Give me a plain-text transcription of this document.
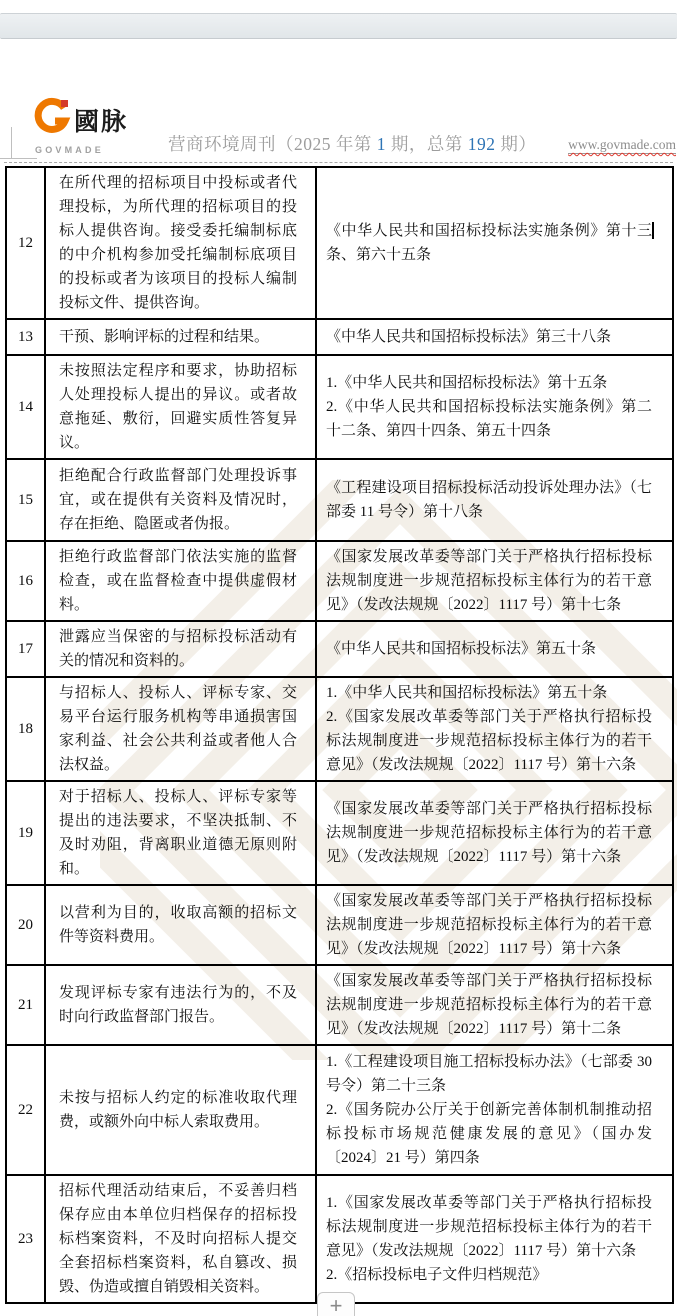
國脉
GOVMADE	营商环境周刊（2025 年第 1 期，总第 192 期） www.govmade.com
12	在所代理的招标项目中投标或者代理投标，为所代理的招标项目的投标人提供咨询。接受委托编制标底的中介机构参加受托编制标底项目的投标或者为该项目的投标人编制投标文件、提供咨询。	《中华人民共和国招标投标法实施条例》第十三条、第六十五条

13	干预、影响评标的过程和结果。	《中华人民共和国招标投标法》第三十八条

14	未按照法定程序和要求，协助招标人处理投标人提出的异议。或者故意拖延、敷衍，回避实质性答复异议。	1.《中华人民共和国招标投标法》第十五条
2.《中华人民共和国招标投标法实施条例》第二十二条、第四十四条、第五十四条

15	拒绝配合行政监督部门处理投诉事宜，或在提供有关资料及情况时，存在拒绝、隐匿或者伪报。	《工程建设项目招标投标活动投诉处理办法》（七部委 11 号令）第十八条

16	拒绝行政监督部门依法实施的监督检查，或在监督检查中提供虚假材料。	《国家发展改革委等部门关于严格执行招标投标法规制度进一步规范招标投标主体行为的若干意见》（发改法规规〔2022〕1117 号）第十七条

17	泄露应当保密的与招标投标活动有关的情况和资料的。	《中华人民共和国招标投标法》第五十条

18	与招标人、投标人、评标专家、交易平台运行服务机构等串通损害国家利益、社会公共利益或者他人合法权益。	1.《中华人民共和国招标投标法》第五十条
2.《国家发展改革委等部门关于严格执行招标投标法规制度进一步规范招标投标主体行为的若干意见》（发改法规规〔2022〕1117 号）第十六条

19	对于招标人、投标人、评标专家等提出的违法要求，不坚决抵制、不及时劝阻，背离职业道德无原则附和。	《国家发展改革委等部门关于严格执行招标投标法规制度进一步规范招标投标主体行为的若干意见》（发改法规规〔2022〕1117 号）第十六条

20	以营利为目的，收取高额的招标文件等资料费用。	《国家发展改革委等部门关于严格执行招标投标法规制度进一步规范招标投标主体行为的若干意见》（发改法规规〔2022〕1117 号）第十六条

21	发现评标专家有违法行为的，不及时向行政监督部门报告。	《国家发展改革委等部门关于严格执行招标投标法规制度进一步规范招标投标主体行为的若干意见》（发改法规规〔2022〕1117 号）第十二条

22	未按与招标人约定的标准收取代理费，或额外向中标人索取费用。	1.《工程建设项目施工招标投标办法》（七部委 30 号令）第二十三条
2.《国务院办公厅关于创新完善体制机制推动招标投标市场规范健康发展的意见》（国办发〔2024〕21 号）第四条

23	招标代理活动结束后，不妥善归档保存应由本单位归档保存的招标投标档案资料，不及时向招标人提交全套招标档案资料，私自篡改、损毁、伪造或擅自销毁相关资料。	1.《国家发展改革委等部门关于严格执行招标投标法规制度进一步规范招标投标主体行为的若干意见》（发改法规规〔2022〕1117 号）第十六条
2.《招标投标电子文件归档规范》
+
